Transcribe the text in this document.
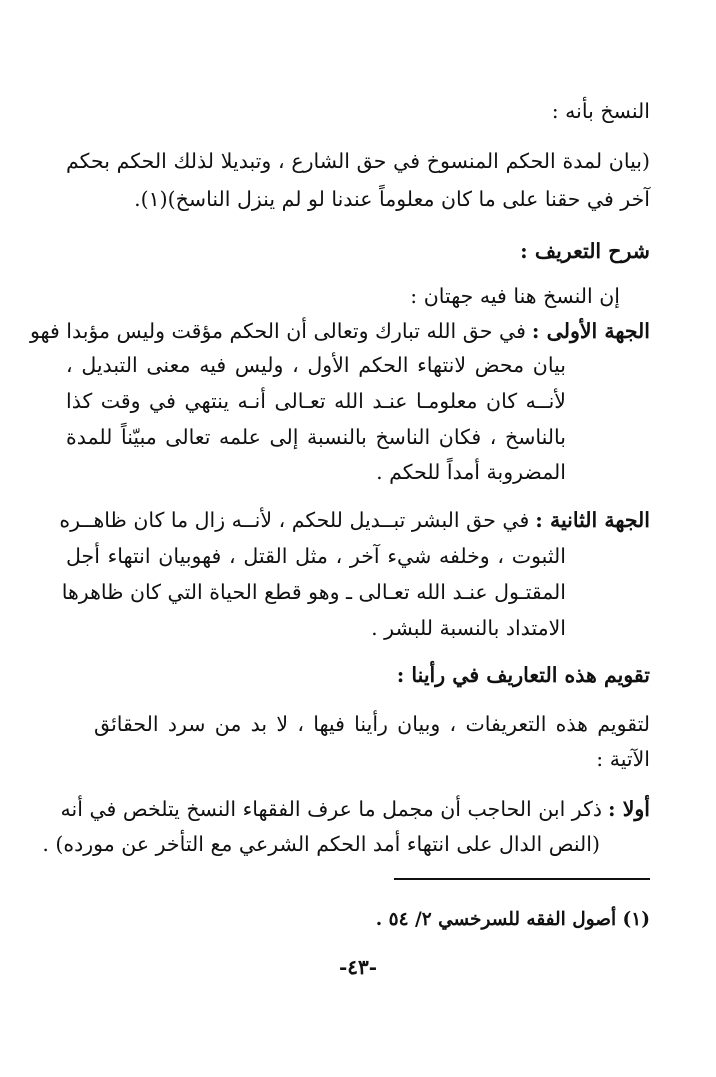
النسخ بأنه :
(بيان لمدة الحكم المنسوخ في حق الشارع ، وتبديلا لذلك الحكم بحكم
آخر في حقنا على ما كان معلوماً عندنا لو لم ينزل الناسخ)(١).
شرح التعريف :
إن النسخ هنا فيه جهتان :
الجهة الأولى :في حق الله تبارك وتعالى أن الحكم مؤقت وليس مؤبدا فهو
بيان محض لانتهاء الحكم الأول ، وليس فيه معنى التبديل ،
لأنــه كان معلومـا عنـد الله تعـالى أنـه ينتهي في وقت كذا
بالناسخ ، فكان الناسخ بالنسبة إلى علمه تعالى مبيّناً للمدة
المضروبة أمداً للحكم .
الجهة الثانية :في حق البشر تبــديل للحكم ، لأنــه زال ما كان ظاهــره
الثبوت ، وخلفه شيء آخر ، مثل القتل ، فهوبيان انتهاء أجل
المقتـول عنـد الله تعـالى ـ وهو قطع الحياة التي كان ظاهرها
الامتداد بالنسبة للبشر .
تقويم هذه التعاريف في رأينا :
لتقويم هذه التعريفات ، وبيان رأينا فيها ، لا بد من سرد الحقائق
الآتية :
أولا :ذكر ابن الحاجب أن مجمل ما عرف الفقهاء النسخ يتلخص في أنه
(النص الدال على انتهاء أمد الحكم الشرعي مع التأخر عن مورده) .
(١) أصول الفقه للسرخسي ٢/ ٥٤ .
-٤٣-
